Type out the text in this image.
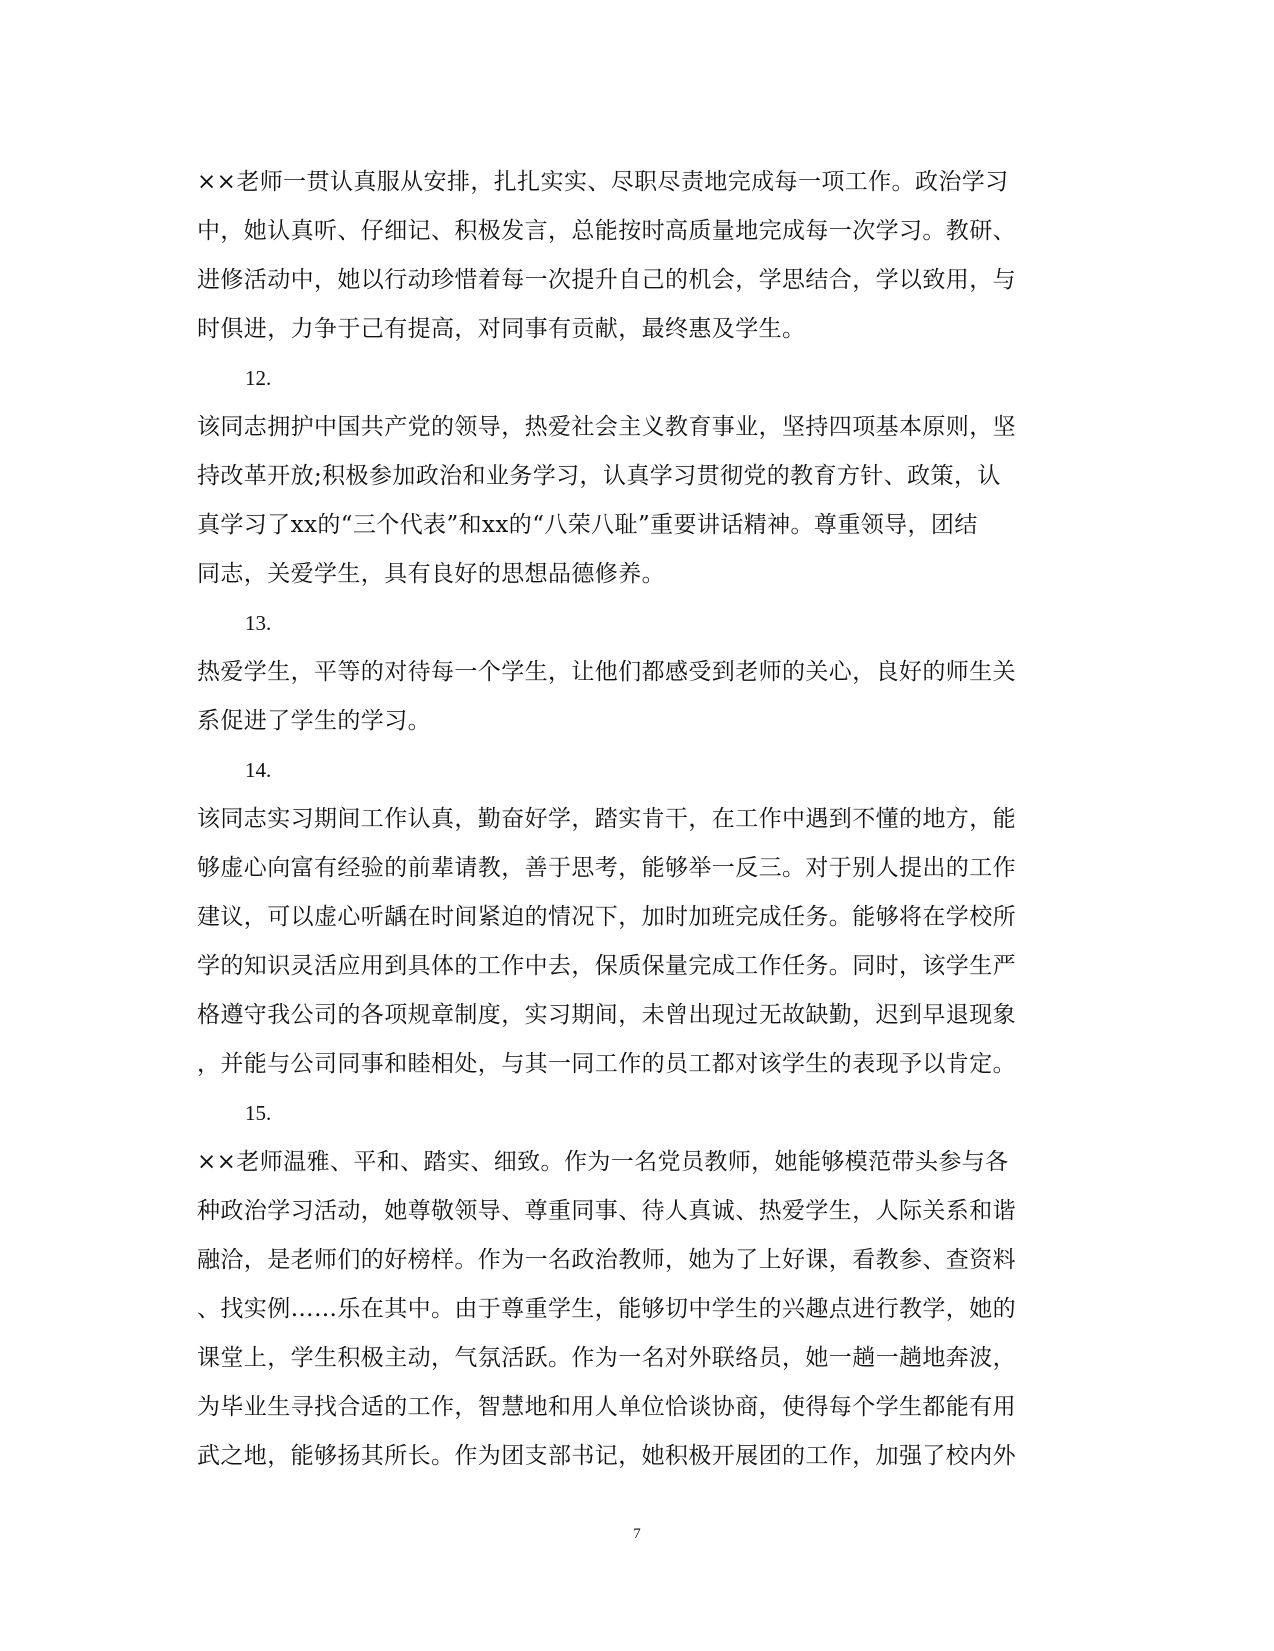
××老师一贯认真服从安排，扎扎实实、尽职尽责地完成每一项工作。政治学习
中，她认真听、仔细记、积极发言，总能按时高质量地完成每一次学习。教研、
进修活动中，她以行动珍惜着每一次提升自己的机会，学思结合，学以致用，与
时俱进，力争于己有提高，对同事有贡献，最终惠及学生。
12.
该同志拥护中国共产党的领导，热爱社会主义教育事业，坚持四项基本原则，坚
持改革开放;积极参加政治和业务学习，认真学习贯彻党的教育方针、政策，认
真学习了xx的“三个代表”和xx的“八荣八耻”重要讲话精神。尊重领导，团结
同志，关爱学生，具有良好的思想品德修养。
13.
热爱学生，平等的对待每一个学生，让他们都感受到老师的关心，良好的师生关
系促进了学生的学习。
14.
该同志实习期间工作认真，勤奋好学，踏实肯干，在工作中遇到不懂的地方，能
够虚心向富有经验的前辈请教，善于思考，能够举一反三。对于别人提出的工作
建议，可以虚心听龋在时间紧迫的情况下，加时加班完成任务。能够将在学校所
学的知识灵活应用到具体的工作中去，保质保量完成工作任务。同时，该学生严
格遵守我公司的各项规章制度，实习期间，未曾出现过无故缺勤，迟到早退现象
，并能与公司同事和睦相处，与其一同工作的员工都对该学生的表现予以肯定。
15.
××老师温雅、平和、踏实、细致。作为一名党员教师，她能够模范带头参与各
种政治学习活动，她尊敬领导、尊重同事、待人真诚、热爱学生，人际关系和谐
融洽，是老师们的好榜样。作为一名政治教师，她为了上好课，看教参、查资料
、找实例……乐在其中。由于尊重学生，能够切中学生的兴趣点进行教学，她的
课堂上，学生积极主动，气氛活跃。作为一名对外联络员，她一趟一趟地奔波，
为毕业生寻找合适的工作，智慧地和用人单位恰谈协商，使得每个学生都能有用
武之地，能够扬其所长。作为团支部书记，她积极开展团的工作，加强了校内外
7
